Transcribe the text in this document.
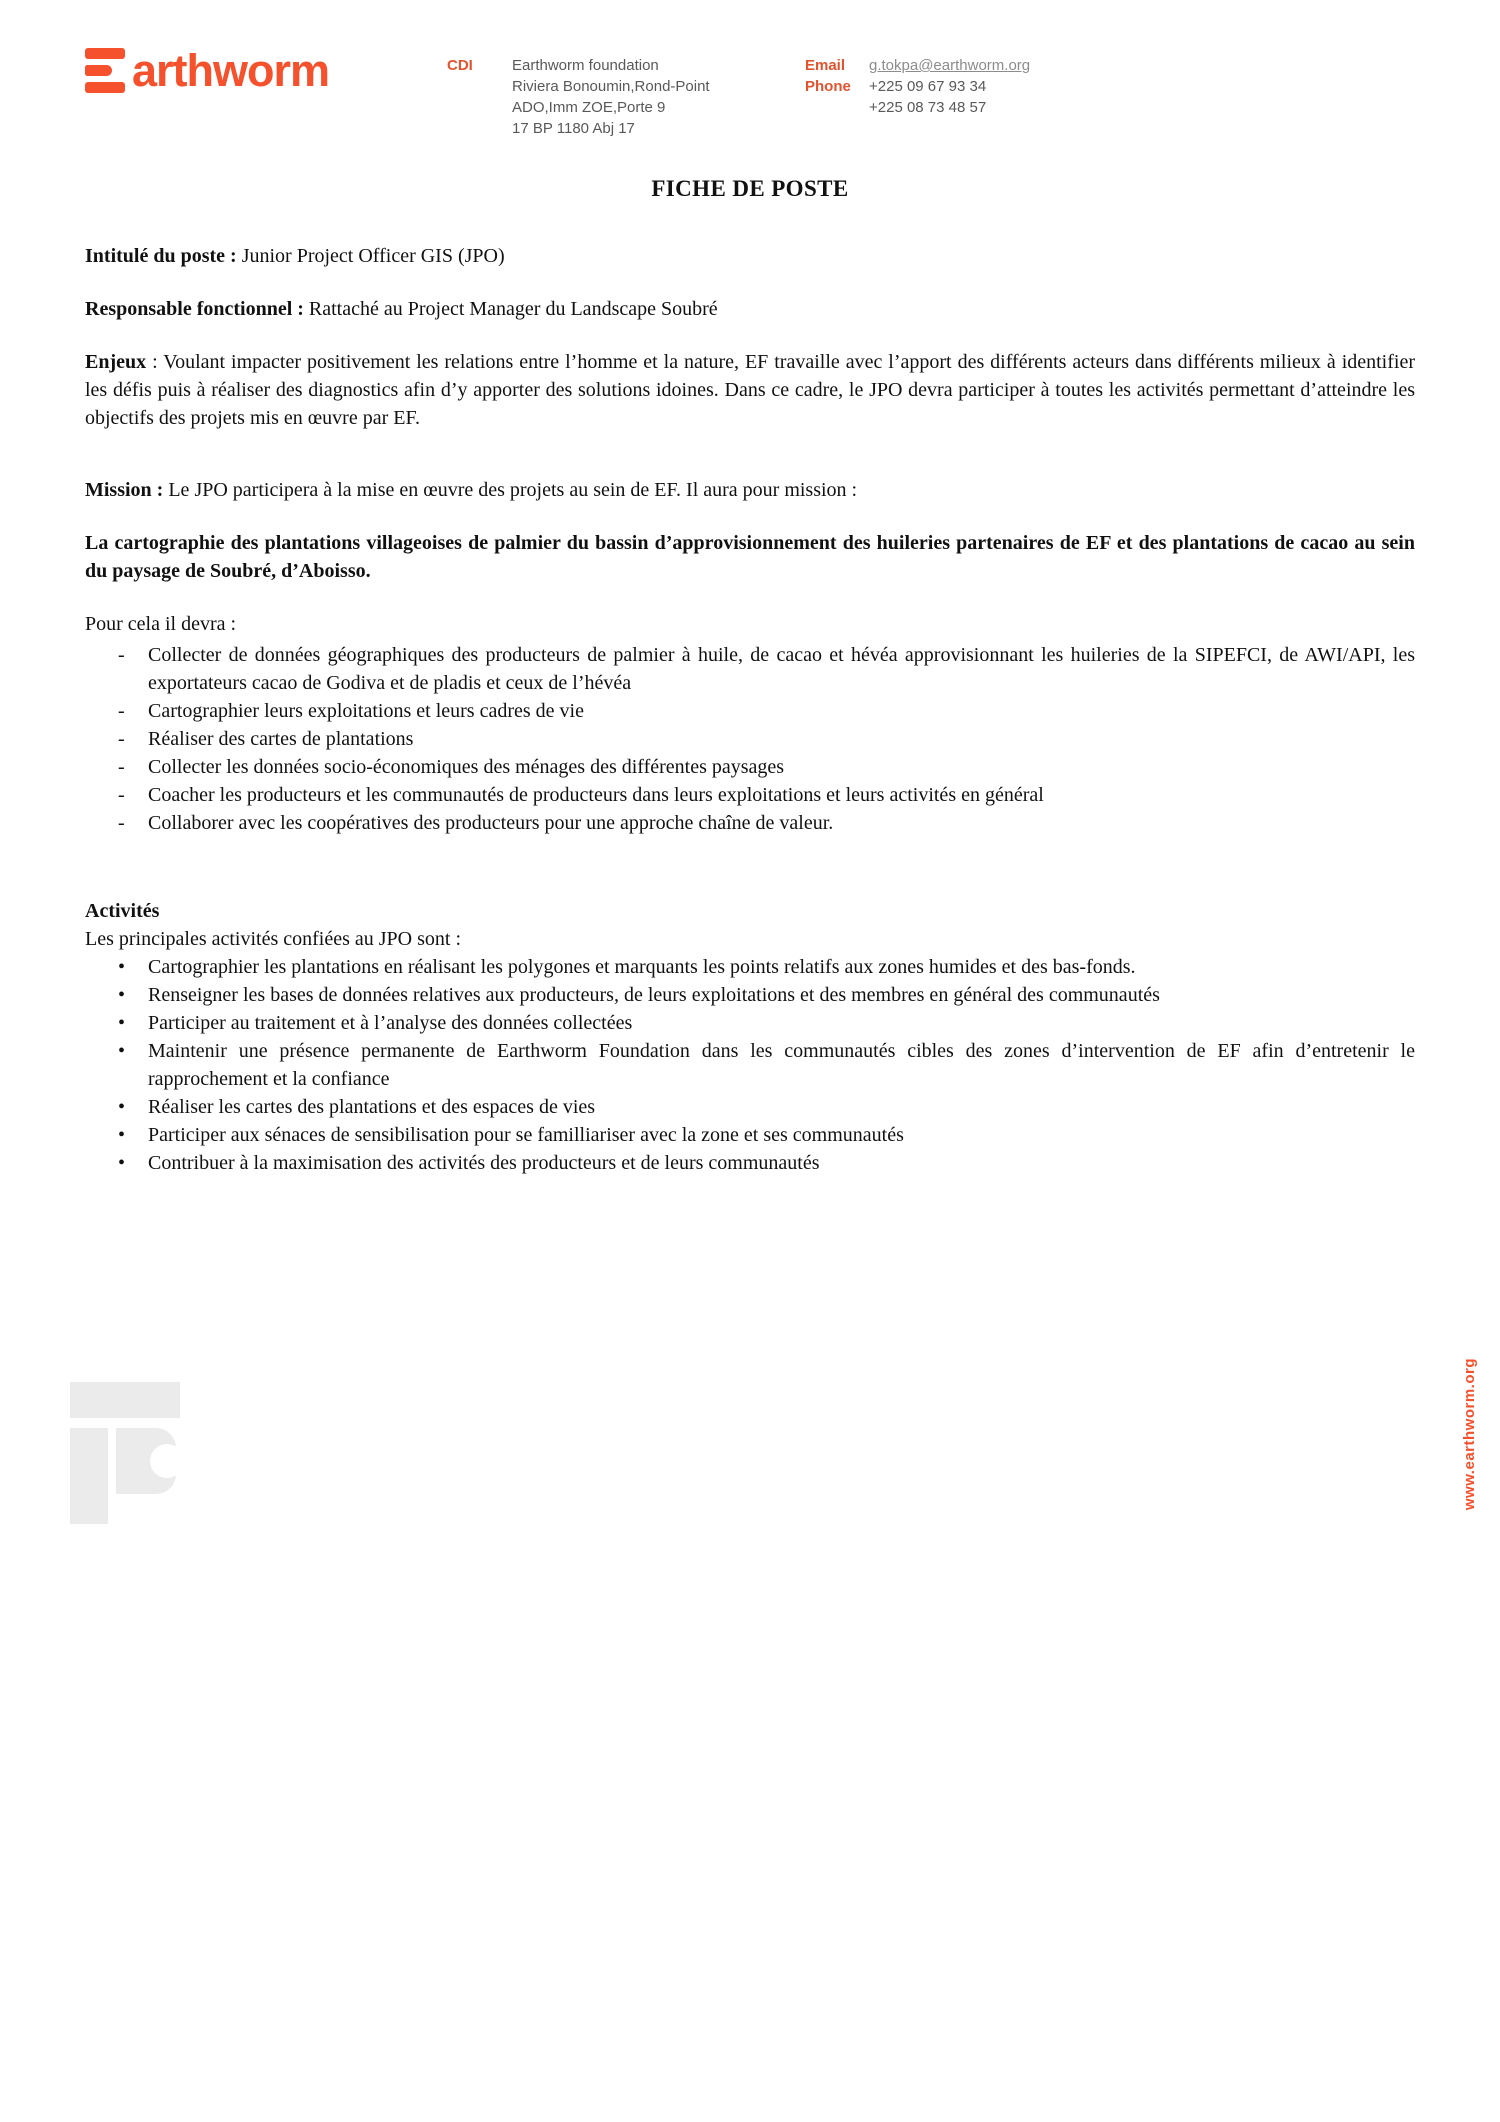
arthworm	CDI	Earthworm foundation
Riviera Bonoumin,Rond-Point
ADO,Imm ZOE,Porte 9
17 BP 1180 Abj 17
Email g.tokpa@earthworm.org
Phone +225 09 67 93 34
+225 08 73 48 57
FICHE DE POSTE

Intitulé du poste : Junior Project Officer GIS (JPO)

Responsable fonctionnel : Rattaché au Project Manager du Landscape Soubré

Enjeux : Voulant impacter positivement les relations entre l’homme et la nature, EF travaille avec l’apport des différents acteurs dans différents milieux à identifier les défis puis à réaliser des diagnostics afin d’y apporter des solutions idoines. Dans ce cadre, le JPO devra participer à toutes les activités permettant d’atteindre les objectifs des projets mis en œuvre par EF.

Mission : Le JPO participera à la mise en œuvre des projets au sein de EF. Il aura pour mission :

La cartographie des plantations villageoises de palmier du bassin d’approvisionnement des huileries partenaires de EF et des plantations de cacao au sein du paysage de Soubré, d’Aboisso.

Pour cela il devra :

-	Collecter de données géographiques des producteurs de palmier à huile, de cacao et hévéa approvisionnant les huileries de la SIPEFCI, de AWI/API, les exportateurs cacao de Godiva et de pladis et ceux de l’hévéa
-	Cartographier leurs exploitations et leurs cadres de vie
-	Réaliser des cartes de plantations
-	Collecter les données socio-économiques des ménages des différentes paysages
-	Coacher les producteurs et les communautés de producteurs dans leurs exploitations et leurs activités en général
-	Collaborer avec les coopératives des producteurs pour une approche chaîne de valeur.

Activités

Les principales activités confiées au JPO sont :

•	Cartographier les plantations en réalisant les polygones et marquants les points relatifs aux zones humides et des bas-fonds.
•	Renseigner les bases de données relatives aux producteurs, de leurs exploitations et des membres en général des communautés
•	Participer au traitement et à l’analyse des données collectées
•	Maintenir une présence permanente de Earthworm Foundation dans les communautés cibles des zones d’intervention de EF afin d’entretenir le rapprochement et la confiance
•	Réaliser les cartes des plantations et des espaces de vies
•	Participer aux sénaces de sensibilisation pour se familliariser avec la zone et ses communautés
•	Contribuer à la maximisation des activités des producteurs et de leurs communautés
www.earthworm.org
